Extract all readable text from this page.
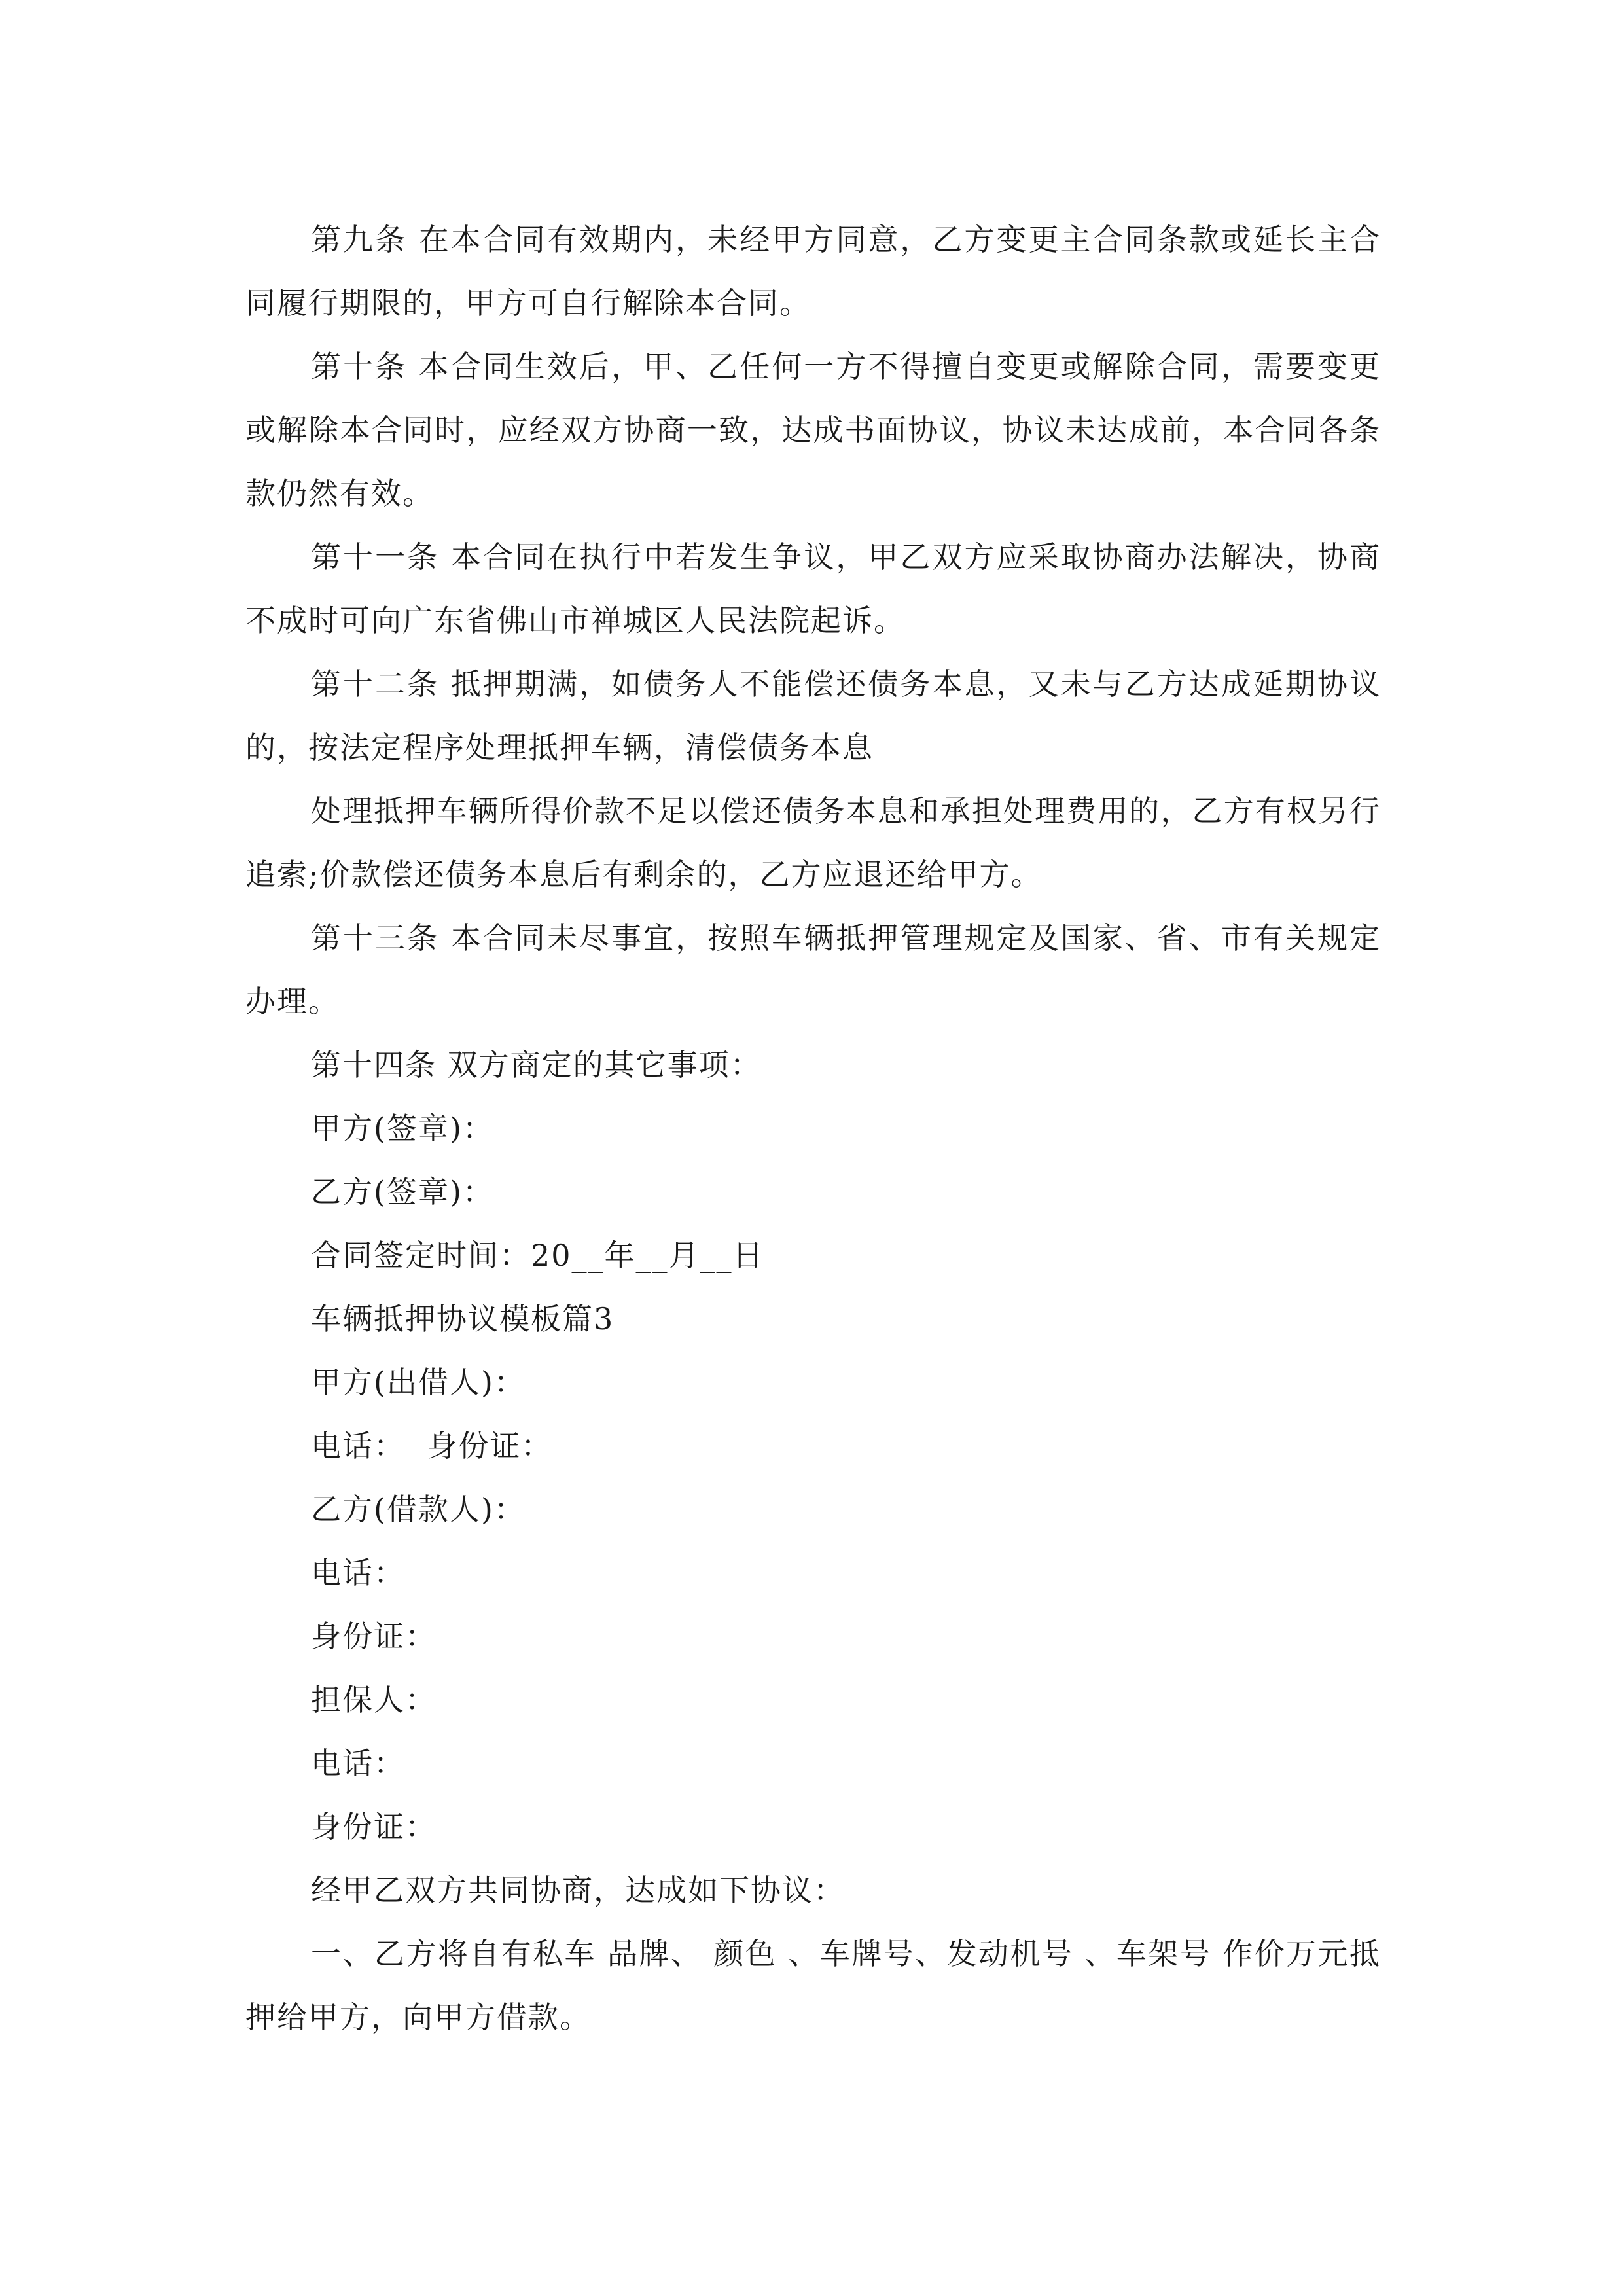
第九条 在本合同有效期内，未经甲方同意，乙方变更主合同条款或延长主合同履行期限的，甲方可自行解除本合同。

第十条 本合同生效后，甲、乙任何一方不得擅自变更或解除合同，需要变更或解除本合同时，应经双方协商一致，达成书面协议，协议未达成前，本合同各条款仍然有效。

第十一条 本合同在执行中若发生争议，甲乙双方应采取协商办法解决，协商不成时可向广东省佛山市禅城区人民法院起诉。

第十二条 抵押期满，如债务人不能偿还债务本息，又未与乙方达成延期协议的，按法定程序处理抵押车辆，清偿债务本息

处理抵押车辆所得价款不足以偿还债务本息和承担处理费用的，乙方有权另行追索;价款偿还债务本息后有剩余的，乙方应退还给甲方。

第十三条 本合同未尽事宜，按照车辆抵押管理规定及国家、省、市有关规定办理。

第十四条 双方商定的其它事项：

甲方(签章)：

乙方(签章)：

合同签定时间：20__年__月__日

车辆抵押协议模板篇3

甲方(出借人)：

电话：  身份证：

乙方(借款人)：

电话：

身份证：

担保人：

电话：

身份证：

经甲乙双方共同协商，达成如下协议：

一、乙方将自有私车 品牌、 颜色 、车牌号、发动机号 、车架号 作价万元抵押给甲方，向甲方借款。
